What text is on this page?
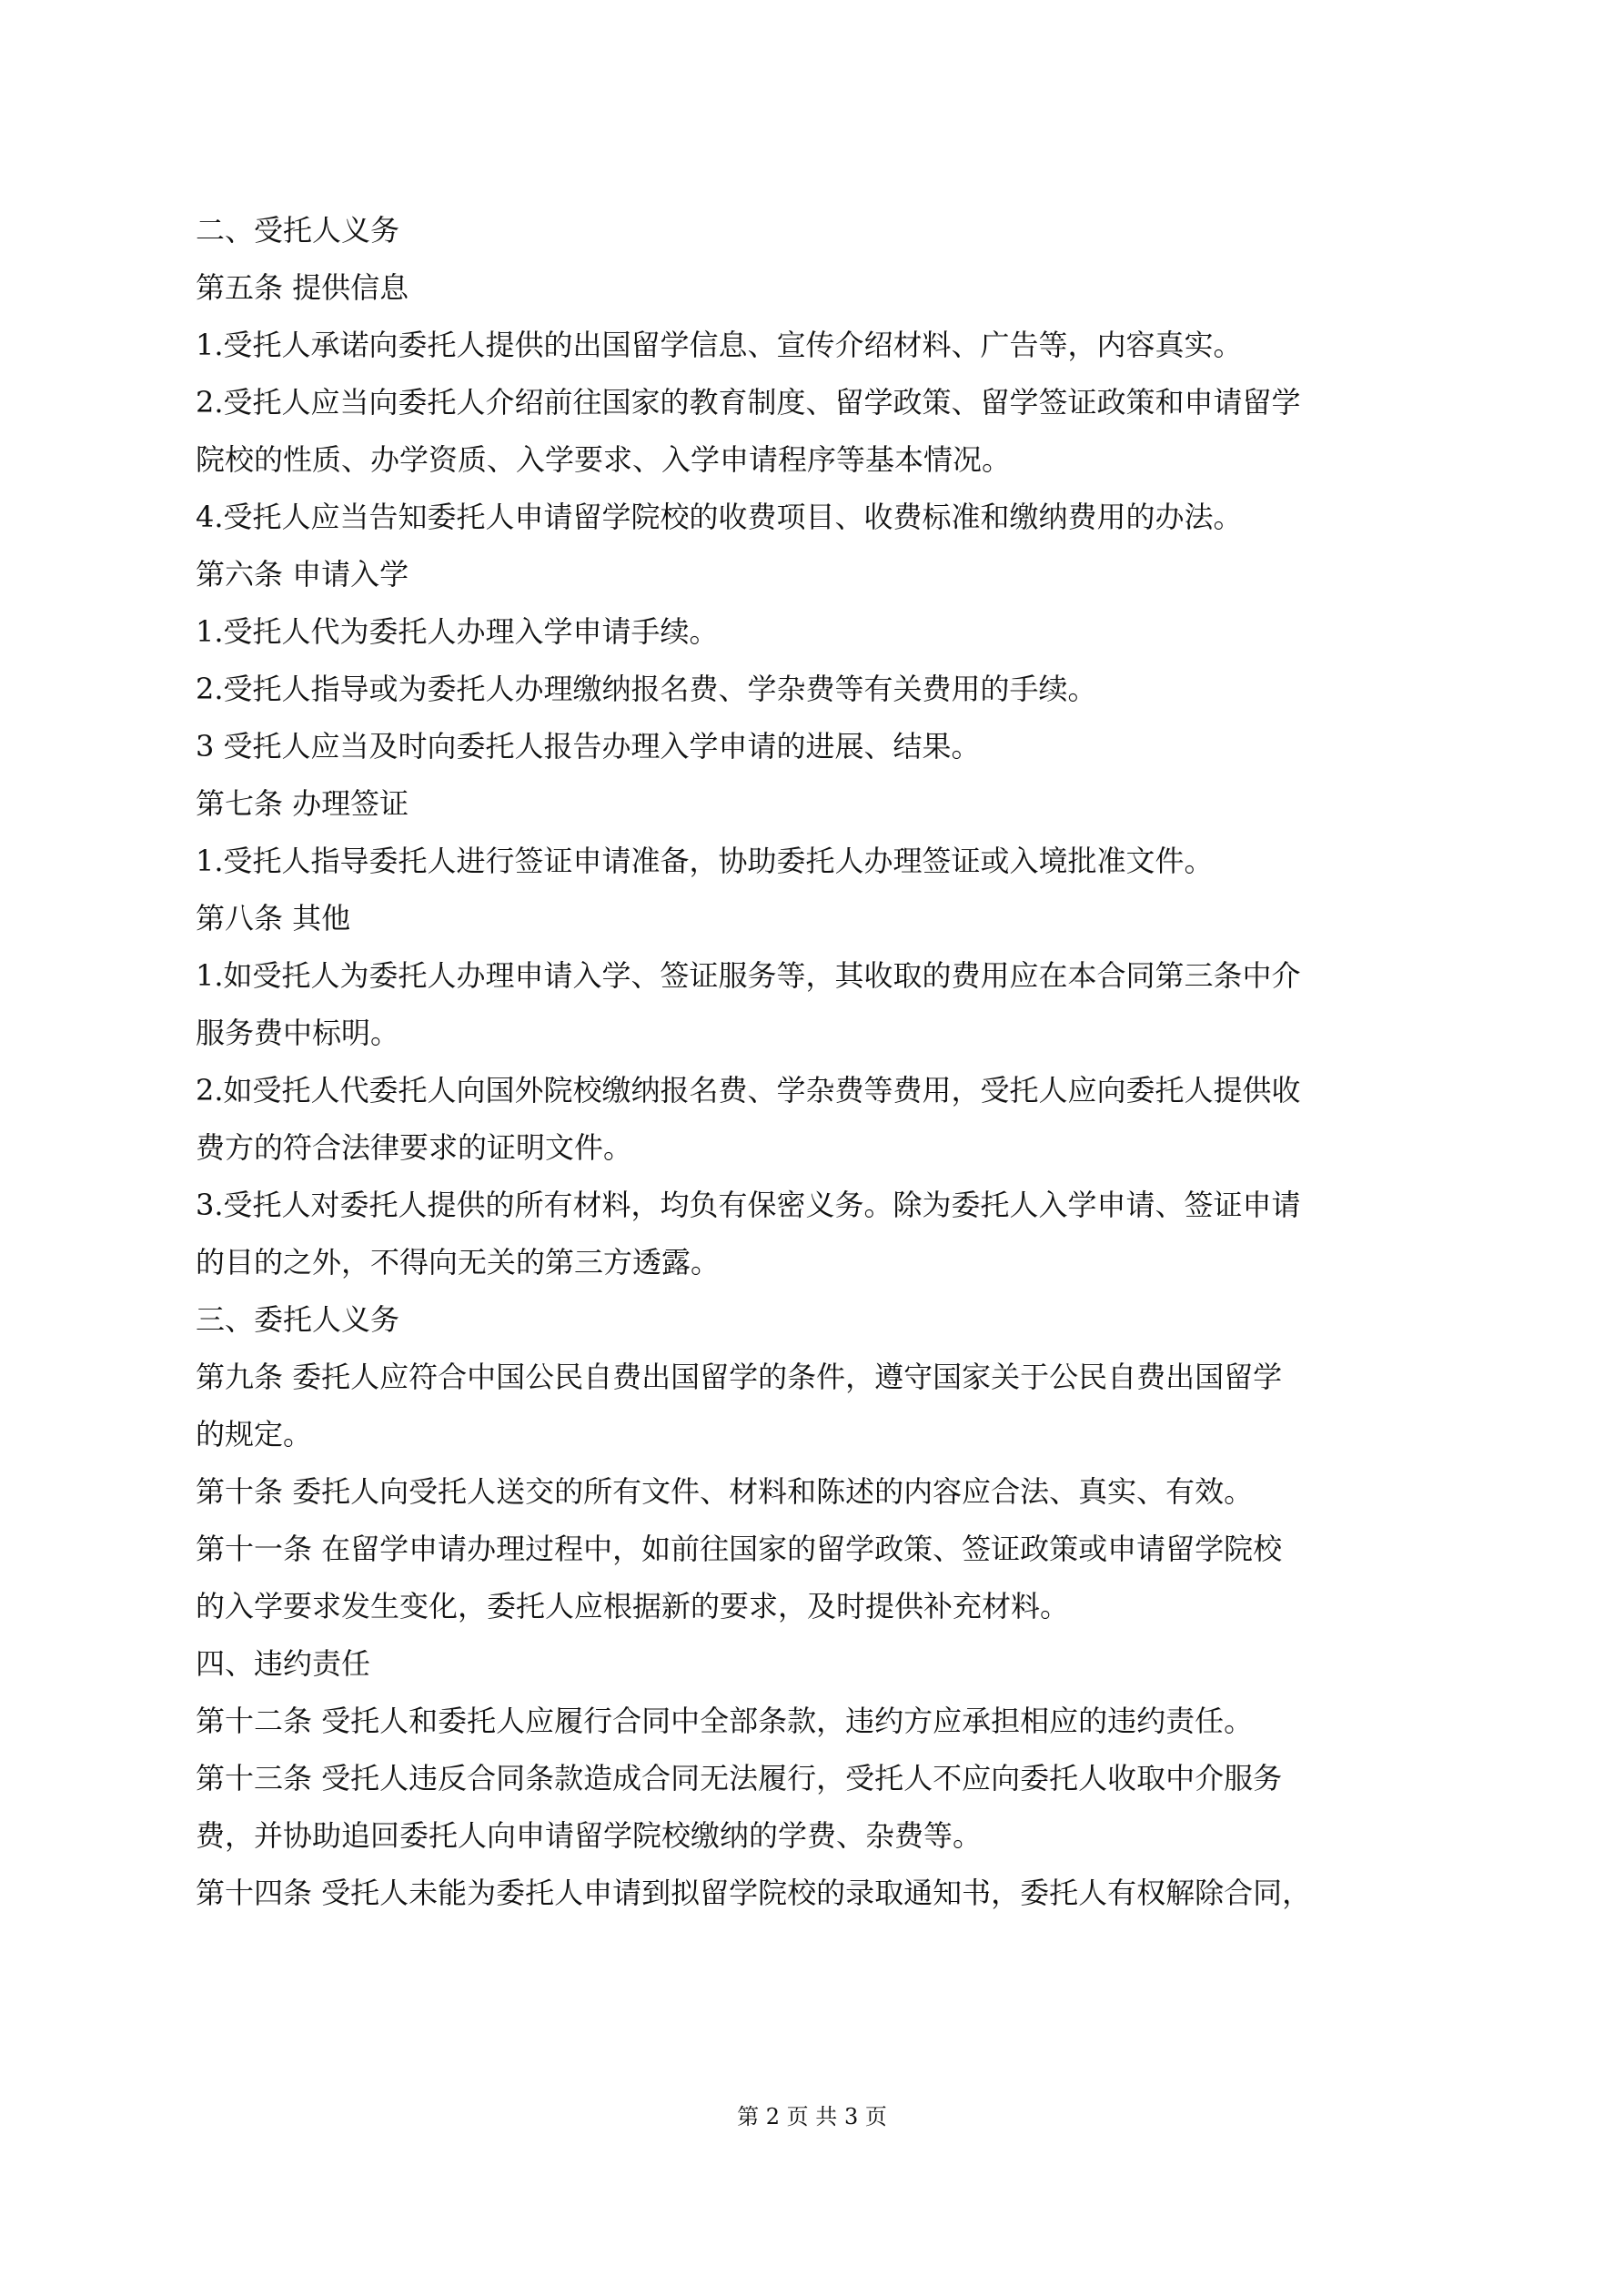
二、受托人义务
第五条 提供信息
1.受托人承诺向委托人提供的出国留学信息、宣传介绍材料、广告等，内容真实。
2.受托人应当向委托人介绍前往国家的教育制度、留学政策、留学签证政策和申请留学
院校的性质、办学资质、入学要求、入学申请程序等基本情况。
4.受托人应当告知委托人申请留学院校的收费项目、收费标准和缴纳费用的办法。
第六条 申请入学
1.受托人代为委托人办理入学申请手续。
2.受托人指导或为委托人办理缴纳报名费、学杂费等有关费用的手续。
3 受托人应当及时向委托人报告办理入学申请的进展、结果。
第七条 办理签证
1.受托人指导委托人进行签证申请准备，协助委托人办理签证或入境批准文件。
第八条 其他
1.如受托人为委托人办理申请入学、签证服务等，其收取的费用应在本合同第三条中介
服务费中标明。
2.如受托人代委托人向国外院校缴纳报名费、学杂费等费用，受托人应向委托人提供收
费方的符合法律要求的证明文件。
3.受托人对委托人提供的所有材料，均负有保密义务。除为委托人入学申请、签证申请
的目的之外，不得向无关的第三方透露。
三、委托人义务
第九条 委托人应符合中国公民自费出国留学的条件，遵守国家关于公民自费出国留学
的规定。
第十条 委托人向受托人送交的所有文件、材料和陈述的内容应合法、真实、有效。
第十一条 在留学申请办理过程中，如前往国家的留学政策、签证政策或申请留学院校
的入学要求发生变化，委托人应根据新的要求，及时提供补充材料。
四、违约责任
第十二条 受托人和委托人应履行合同中全部条款，违约方应承担相应的违约责任。
第十三条 受托人违反合同条款造成合同无法履行，受托人不应向委托人收取中介服务
费，并协助追回委托人向申请留学院校缴纳的学费、杂费等。
第十四条 受托人未能为委托人申请到拟留学院校的录取通知书，委托人有权解除合同，
第 2 页 共 3 页
